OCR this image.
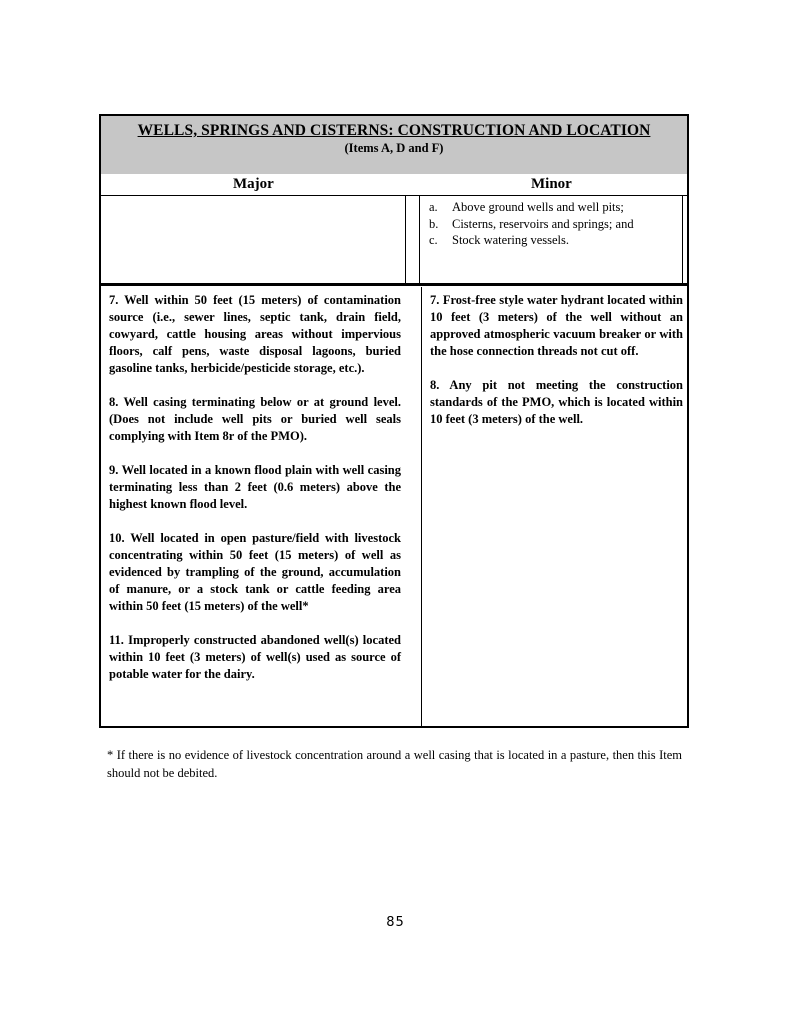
WELLS, SPRINGS AND CISTERNS: CONSTRUCTION AND LOCATION
(Items A, D and F)
Major	Minor
a. Above ground wells and well pits;
b. Cisterns, reservoirs and springs; and
c. Stock watering vessels.

7. Well within 50 feet (15 meters) of contamination source (i.e., sewer lines, septic tank, drain field, cowyard, cattle housing areas without impervious floors, calf pens, waste disposal lagoons, buried gasoline tanks, herbicide/pesticide storage, etc.).

8. Well casing terminating below or at ground level. (Does not include well pits or buried well seals complying with Item 8r of the PMO).

9. Well located in a known flood plain with well casing terminating less than 2 feet (0.6 meters) above the highest known flood level.

10. Well located in open pasture/field with livestock concentrating within 50 feet (15 meters) of well as evidenced by trampling of the ground, accumulation of manure, or a stock tank or cattle feeding area within 50 feet (15 meters) of the well*

11. Improperly constructed abandoned well(s) located within 10 feet (3 meters) of well(s) used as source of potable water for the dairy.

7. Frost-free style water hydrant located within 10 feet (3 meters) of the well without an approved atmospheric vacuum breaker or with the hose connection threads not cut off.

8. Any pit not meeting the construction standards of the PMO, which is located within 10 feet (3 meters) of the well.

* If there is no evidence of livestock concentration around a well casing that is located in a pasture, then this Item should not be debited.
85
